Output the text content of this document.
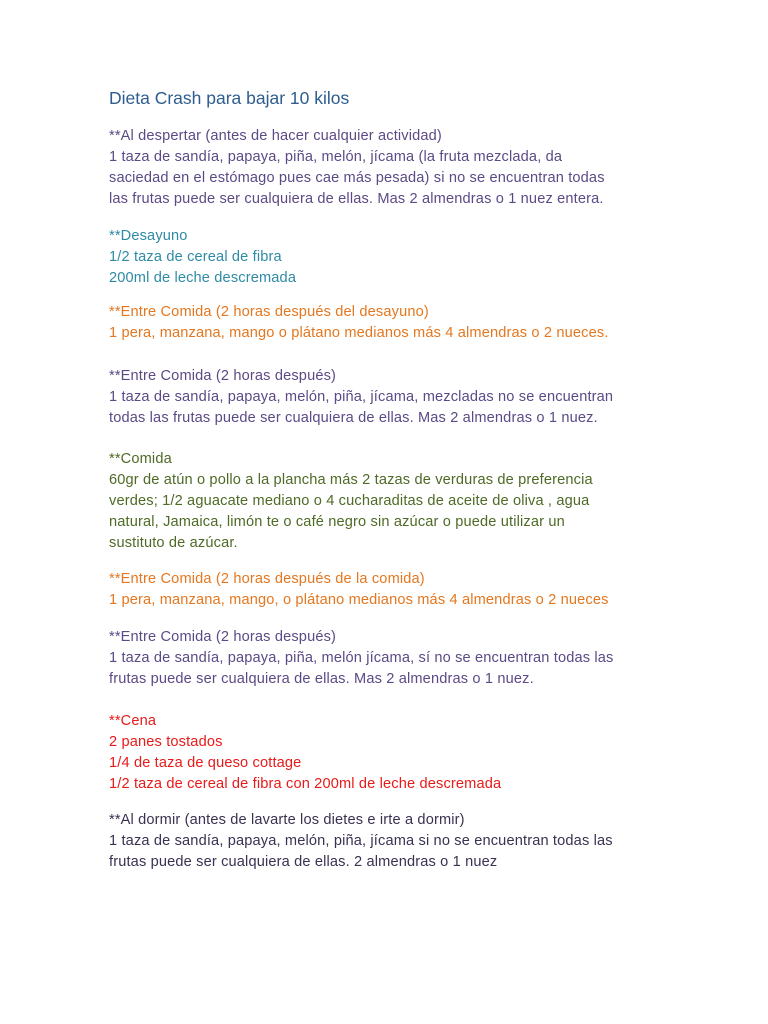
Dieta Crash para bajar 10 kilos

**Al despertar (antes de hacer cualquier actividad)

1 taza de sandía, papaya, piña, melón, jícama (la fruta mezclada, da

saciedad en el estómago pues cae más pesada) si no se encuentran todas

las frutas puede ser cualquiera de ellas. Mas 2 almendras o 1 nuez entera.

**Desayuno

1/2 taza de cereal de fibra

200ml de leche descremada

**Entre Comida (2 horas después del desayuno)

1 pera, manzana, mango o plátano medianos más 4 almendras o 2 nueces.

**Entre Comida (2 horas después)

1 taza de sandía, papaya, melón, piña, jícama, mezcladas no se encuentran

todas las frutas puede ser cualquiera de ellas. Mas 2 almendras o 1 nuez.

**Comida

60gr de atún o pollo a la plancha más 2 tazas de verduras de preferencia

verdes; 1/2 aguacate mediano o 4 cucharaditas de aceite de oliva , agua

natural, Jamaica, limón te o café negro sin azúcar o puede utilizar un

sustituto de azúcar.

**Entre Comida (2 horas después de la comida)

1 pera, manzana, mango, o plátano medianos más 4 almendras o 2 nueces

**Entre Comida (2 horas después)

1 taza de sandía, papaya, piña, melón jícama, sí no se encuentran todas las

frutas puede ser cualquiera de ellas. Mas 2 almendras o 1 nuez.

**Cena

2 panes tostados

1/4 de taza de queso cottage

1/2 taza de cereal de fibra con 200ml de leche descremada

**Al dormir (antes de lavarte los dietes e irte a dormir)

1 taza de sandía, papaya, melón, piña, jícama si no se encuentran todas las

frutas puede ser cualquiera de ellas. 2 almendras o 1 nuez
